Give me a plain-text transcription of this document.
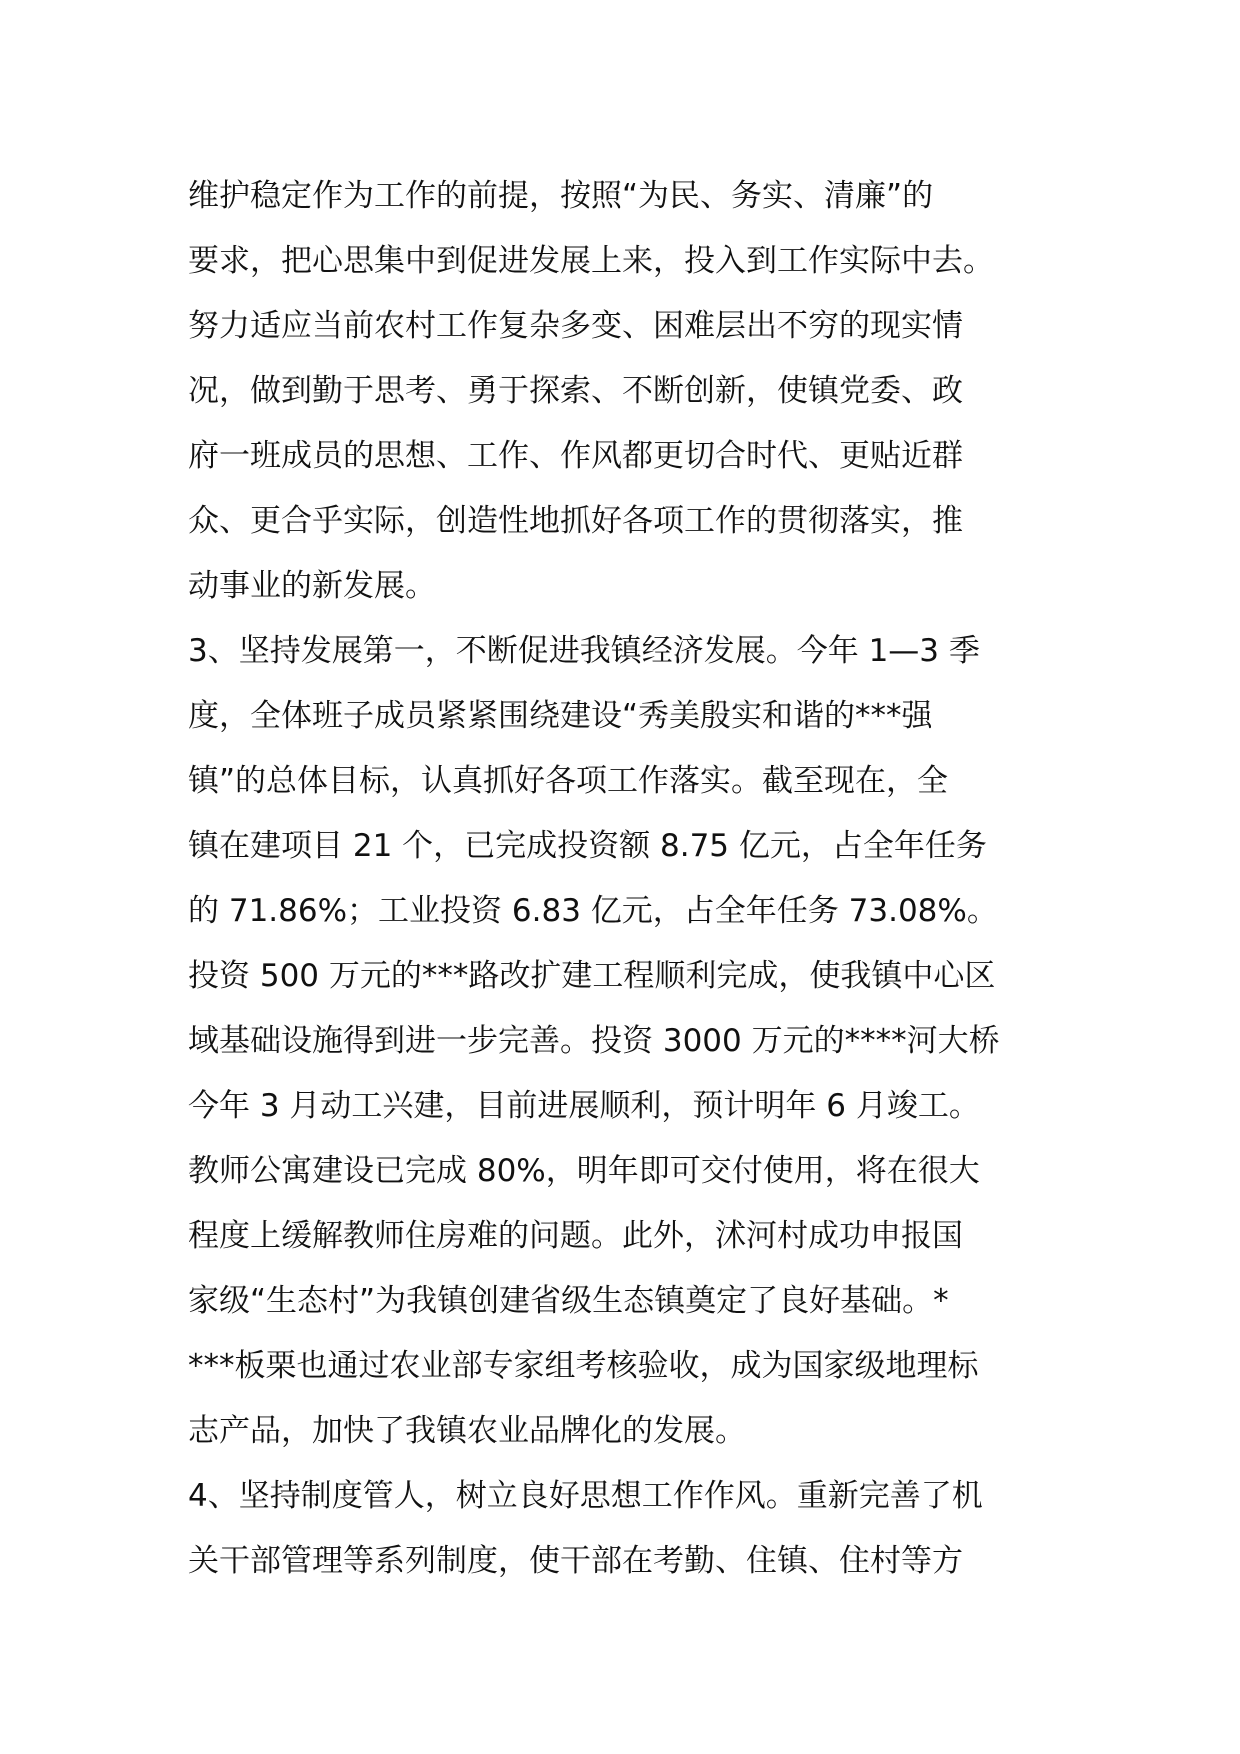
维护稳定作为工作的前提，按照“为民、务实、清廉”的
要求，把心思集中到促进发展上来，投入到工作实际中去。
努力适应当前农村工作复杂多变、困难层出不穷的现实情
况，做到勤于思考、勇于探索、不断创新，使镇党委、政
府一班成员的思想、工作、作风都更切合时代、更贴近群
众、更合乎实际，创造性地抓好各项工作的贯彻落实，推
动事业的新发展。
3、坚持发展第一，不断促进我镇经济发展。今年 1—3 季
度，全体班子成员紧紧围绕建设“秀美殷实和谐的***强
镇”的总体目标，认真抓好各项工作落实。截至现在，全
镇在建项目 21 个，已完成投资额 8.75 亿元，占全年任务
的 71.86%；工业投资 6.83 亿元，占全年任务 73.08%。
投资 500 万元的***路改扩建工程顺利完成，使我镇中心区
域基础设施得到进一步完善。投资 3000 万元的****河大桥
今年 3 月动工兴建，目前进展顺利，预计明年 6 月竣工。
教师公寓建设已完成 80%，明年即可交付使用，将在很大
程度上缓解教师住房难的问题。此外，沭河村成功申报国
家级“生态村”为我镇创建省级生态镇奠定了良好基础。*
***板栗也通过农业部专家组考核验收，成为国家级地理标
志产品，加快了我镇农业品牌化的发展。
4、坚持制度管人，树立良好思想工作作风。重新完善了机
关干部管理等系列制度，使干部在考勤、住镇、住村等方
